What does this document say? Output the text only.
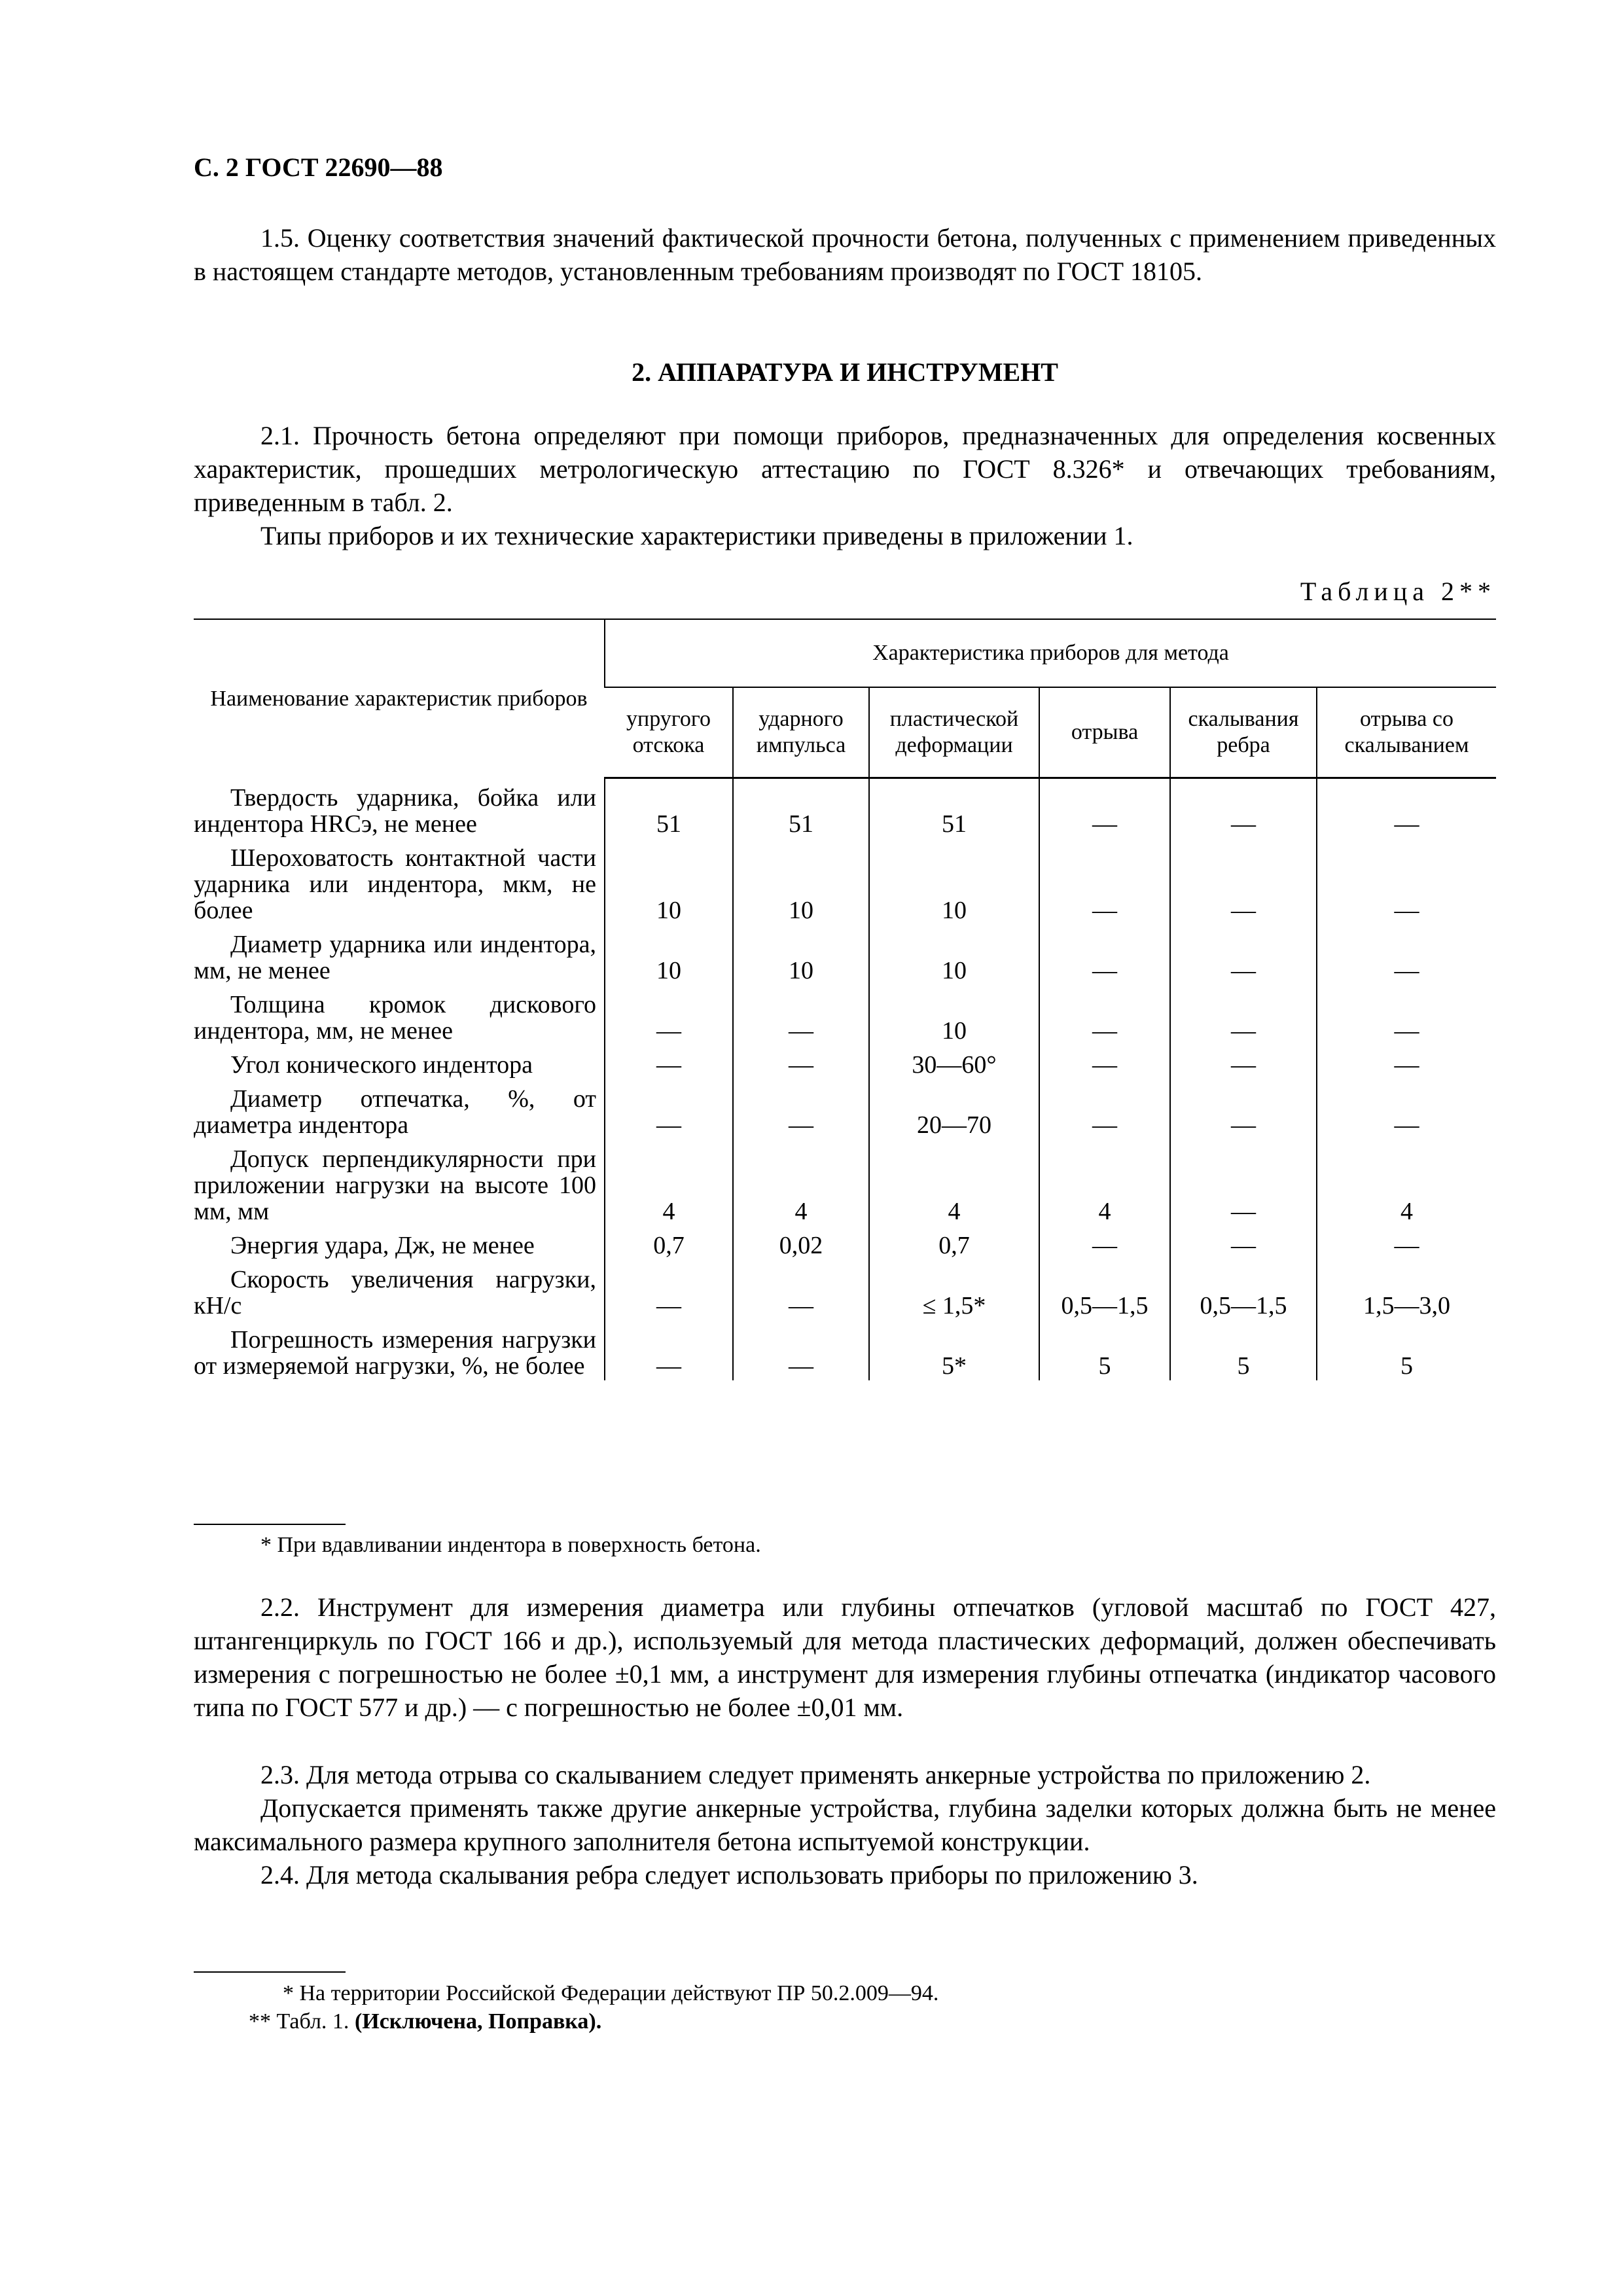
С. 2 ГОСТ 22690—88
1.5. Оценку соответствия значений фактической прочности бетона, полученных с применением приведенных в настоящем стандарте методов, установленным требованиям производят по ГОСТ 18105.
2. АППАРАТУРА И ИНСТРУМЕНТ
2.1. Прочность бетона определяют при помощи приборов, предназначенных для определения косвенных характеристик, прошедших метрологическую аттестацию по ГОСТ 8.326* и отвечающих требованиям, приведенным в табл. 2.
Типы приборов и их технические характеристики приведены в приложении 1.
Таблица 2**
Наименование характеристик приборов	Характеристика приборов для метода					
	упругого отскока	ударного импульса	пластической деформации	отрыва	скалывания ребра	отрыва со скалыванием
Твердость ударника, бойка или индентора HRCэ, не менее	51	51	51	—	—	—
Шероховатость контактной части ударника или индентора, мкм, не более	10	10	10	—	—	—
Диаметр ударника или индентора, мм, не менее	10	10	10	—	—	—
Толщина кромок дискового индентора, мм, не менее	—	—	10	—	—	—
Угол конического индентора	—	—	30—60°	—	—	—
Диаметр отпечатка, %, от диаметра индентора	—	—	20—70	—	—	—
Допуск перпендикулярности при приложении нагрузки на высоте 100 мм, мм	4	4	4	4	—	4
Энергия удара, Дж, не менее	0,7	0,02	0,7	—	—	—
Скорость увеличения нагрузки, кН/с	—	—	≤ 1,5*	0,5—1,5	0,5—1,5	1,5—3,0
Погрешность измерения нагрузки от измеряемой нагрузки, %, не более	—	—	5*	5	5	5
* При вдавливании индентора в поверхность бетона.
2.2. Инструмент для измерения диаметра или глубины отпечатков (угловой масштаб по ГОСТ 427, штангенциркуль по ГОСТ 166 и др.), используемый для метода пластических деформаций, должен обеспечивать измерения с погрешностью не более ±0,1 мм, а инструмент для измерения глубины отпечатка (индикатор часового типа по ГОСТ 577 и др.) — с погрешностью не более ±0,01 мм.
2.3. Для метода отрыва со скалыванием следует применять анкерные устройства по приложению 2.
Допускается применять также другие анкерные устройства, глубина заделки которых должна быть не менее максимального размера крупного заполнителя бетона испытуемой конструкции.
2.4. Для метода скалывания ребра следует использовать приборы по приложению 3.
* На территории Российской Федерации действуют ПР 50.2.009—94.
** Табл. 1. (Исключена, Поправка).
